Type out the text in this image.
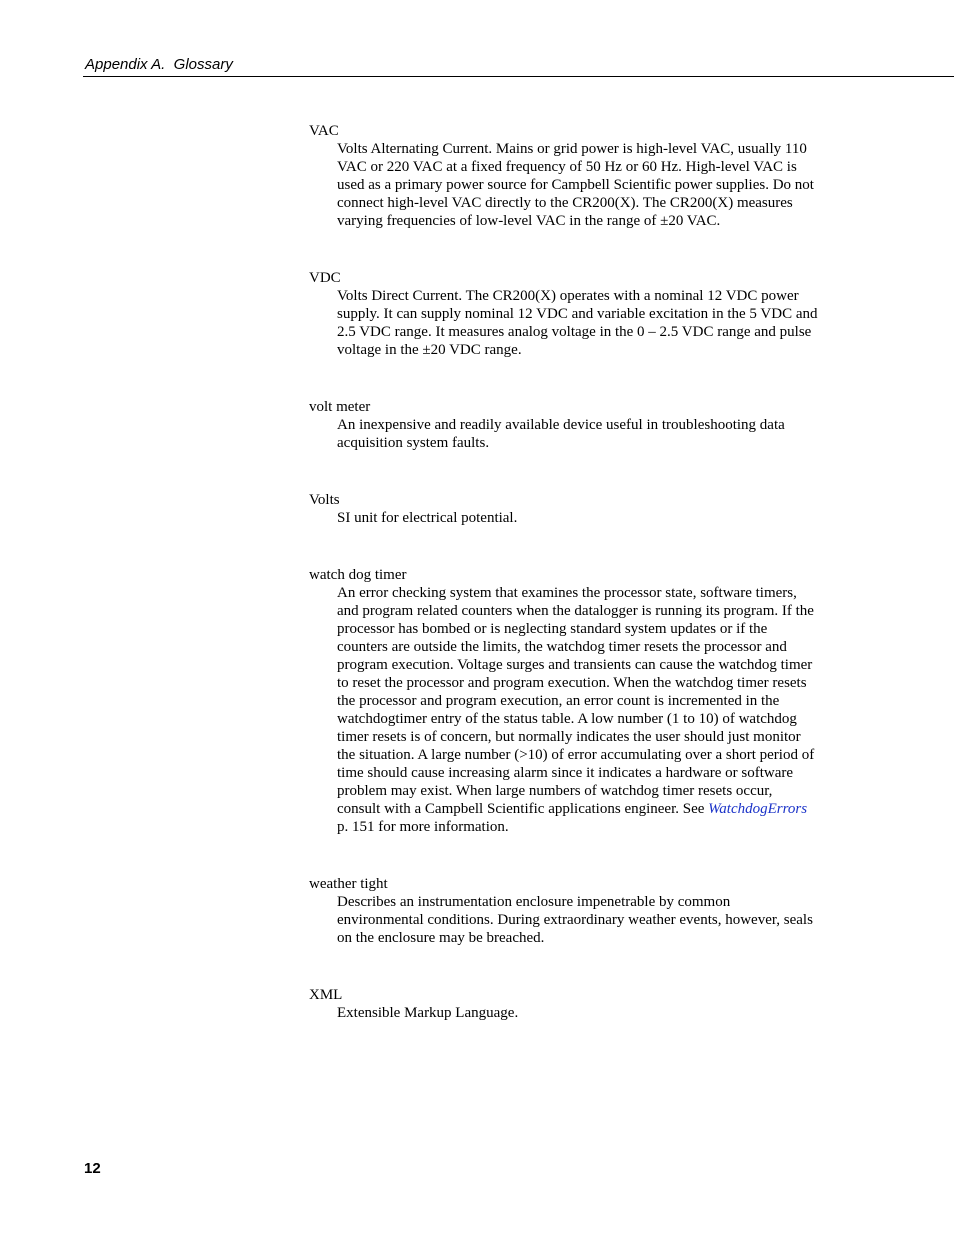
Appendix A.  Glossary
VAC
Volts Alternating Current. Mains or grid power is high-level VAC, usually 110 VAC or 220 VAC at a fixed frequency of 50 Hz or 60 Hz. High-level VAC is used as a primary power source for Campbell Scientific power supplies. Do not connect high-level VAC directly to the CR200(X). The CR200(X) measures varying frequencies of low-level VAC in the range of ±20 VAC.
VDC
Volts Direct Current. The CR200(X) operates with a nominal 12 VDC power supply. It can supply nominal 12 VDC and variable excitation in the 5 VDC and 2.5 VDC range. It measures analog voltage in the 0 – 2.5 VDC range and pulse voltage in the ±20 VDC range.
volt meter
An inexpensive and readily available device useful in troubleshooting data acquisition system faults.
Volts
SI unit for electrical potential.
watch dog timer
An error checking system that examines the processor state, software timers, and program related counters when the datalogger is running its program. If the processor has bombed or is neglecting standard system updates or if the counters are outside the limits, the watchdog timer resets the processor and program execution. Voltage surges and transients can cause the watchdog timer to reset the processor and program execution. When the watchdog timer resets the processor and program execution, an error count is incremented in the watchdogtimer entry of the status table. A low number (1 to 10) of watchdog timer resets is of concern, but normally indicates the user should just monitor the situation. A large number (>10) of error accumulating over a short period of time should cause increasing alarm since it indicates a hardware or software problem may exist. When large numbers of watchdog timer resets occur, consult with a Campbell Scientific applications engineer. See WatchdogErrors p. 151 for more information.
weather tight
Describes an instrumentation enclosure impenetrable by common environmental conditions. During extraordinary weather events, however, seals on the enclosure may be breached.
XML
Extensible Markup Language.
12
